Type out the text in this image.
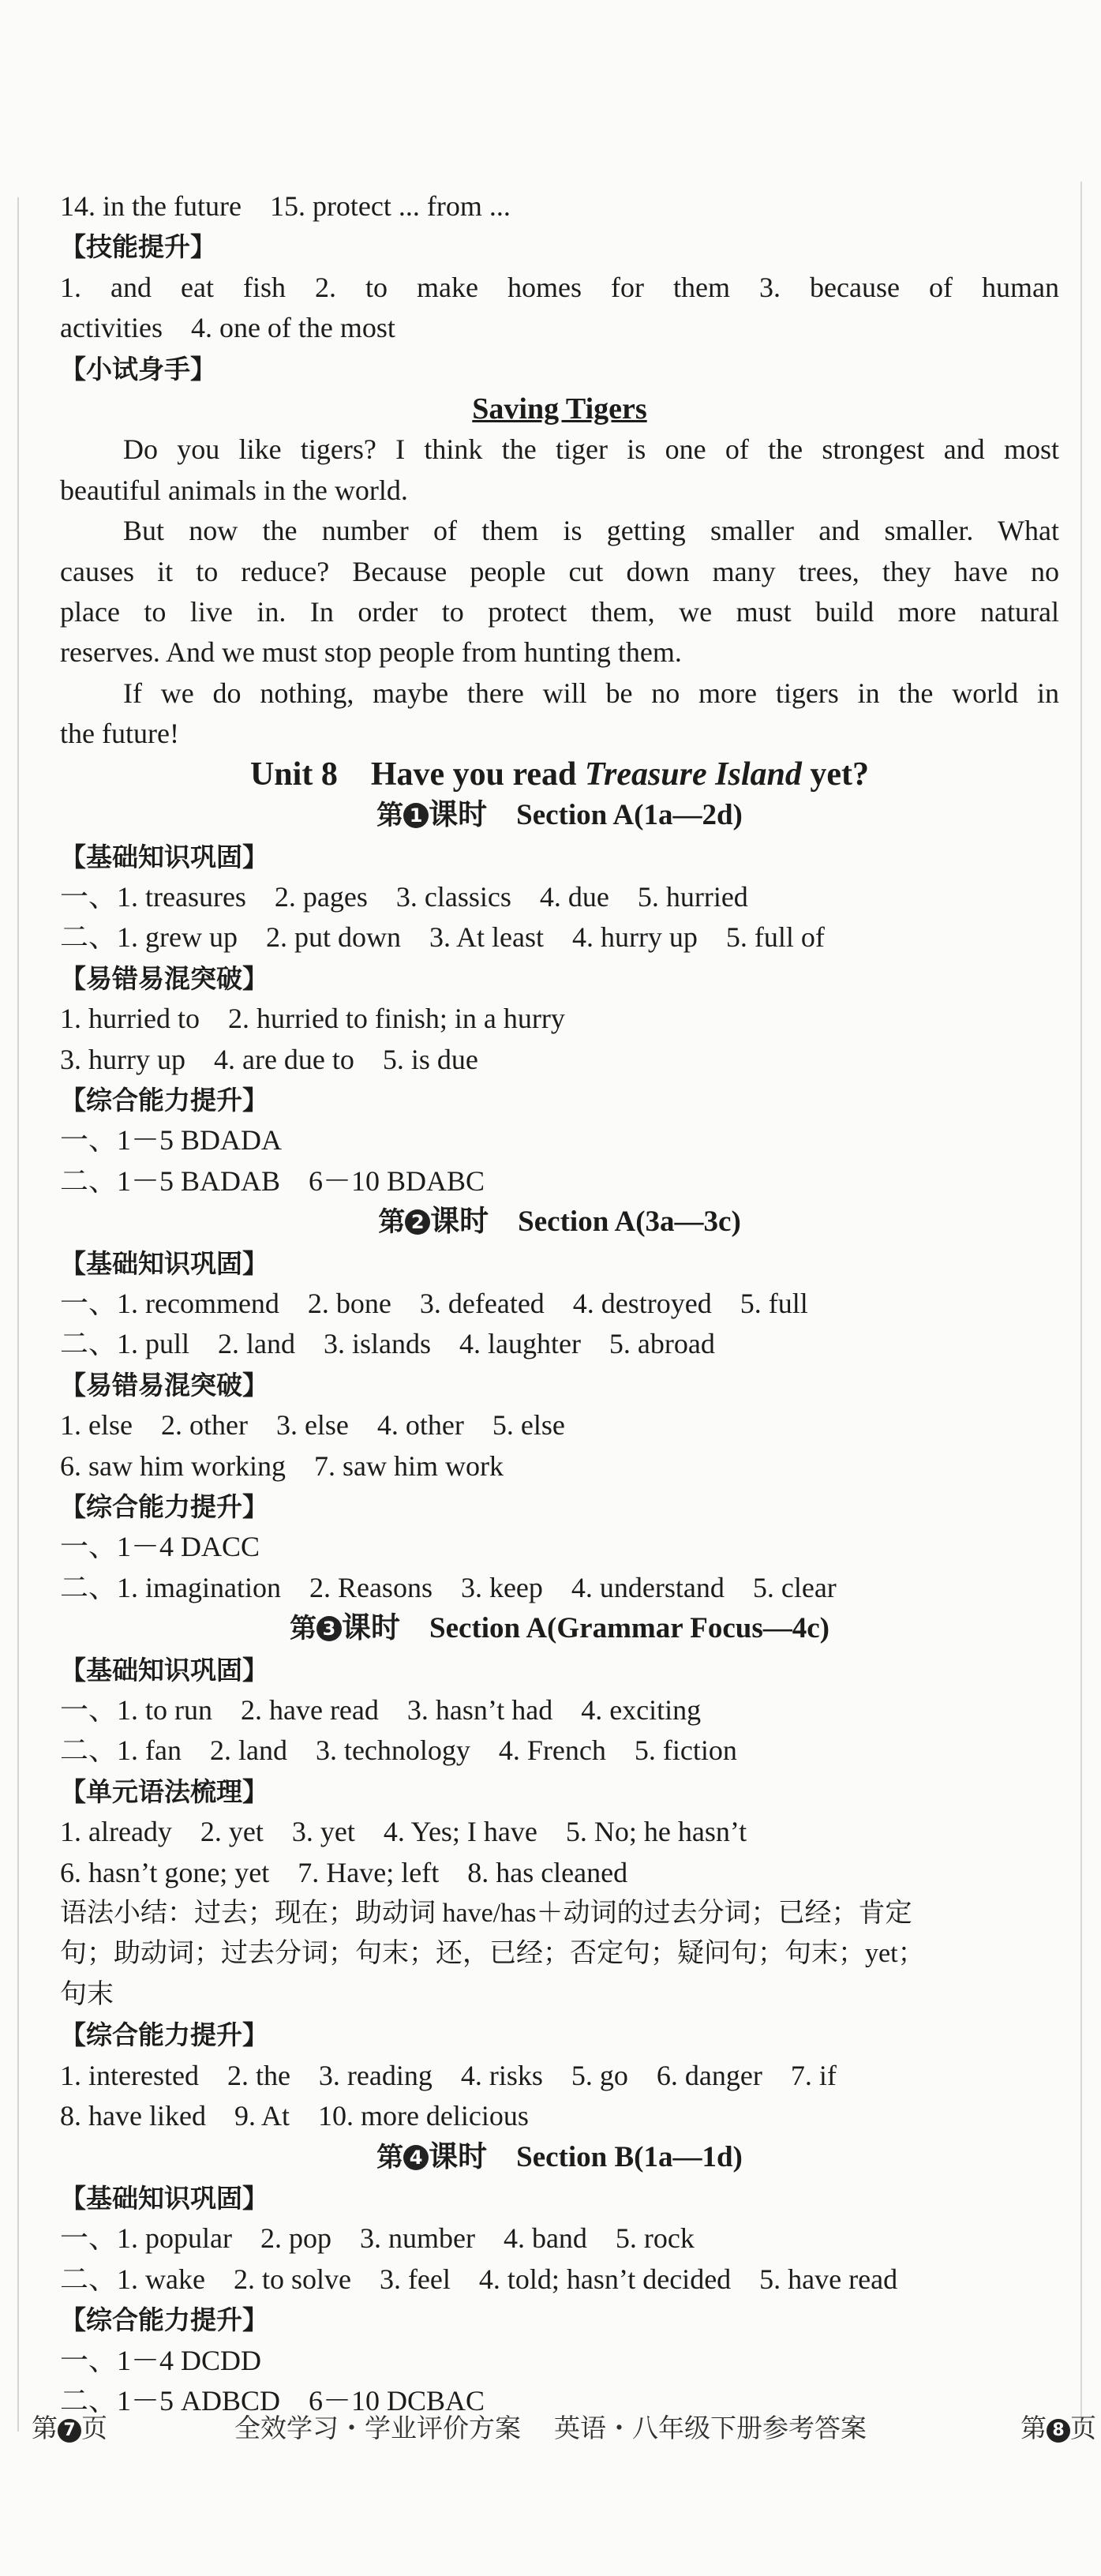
14. in the future    15. protect ... from ...
【技能提升】
1. and eat fish 2. to make homes for them 3. because of human
activities    4. one of the most
【小试身手】
Saving Tigers
Do you like tigers? I think the tiger is one of the strongest and most
beautiful animals in the world.
But now the number of them is getting smaller and smaller. What
causes it to reduce? Because people cut down many trees, they have no
place to live in. In order to protect them, we must build more natural
reserves. And we must stop people from hunting them.
If we do nothing, maybe there will be no more tigers in the world in
the future!
Unit 8    Have you read Treasure Island yet?
第 1 课时    Section A(1a—2d)
【基础知识巩固】
一、1. treasures    2. pages    3. classics    4. due    5. hurried
二、1. grew up    2. put down    3. At least    4. hurry up    5. full of
【易错易混突破】
1. hurried to    2. hurried to finish; in a hurry
3. hurry up    4. are due to    5. is due
【综合能力提升】
一、1－5 BDADA
二、1－5 BADAB    6－10 BDABC
第 2 课时    Section A(3a—3c)
【基础知识巩固】
一、1. recommend    2. bone    3. defeated    4. destroyed    5. full
二、1. pull    2. land    3. islands    4. laughter    5. abroad
【易错易混突破】
1. else    2. other    3. else    4. other    5. else
6. saw him working    7. saw him work
【综合能力提升】
一、1－4 DACC
二、1. imagination    2. Reasons    3. keep    4. understand    5. clear
第 3 课时    Section A(Grammar Focus—4c)
【基础知识巩固】
一、1. to run    2. have read    3. hasn’t had    4. exciting
二、1. fan    2. land    3. technology    4. French    5. fiction
【单元语法梳理】
1. already    2. yet    3. yet    4. Yes; I have    5. No; he hasn’t
6. hasn’t gone; yet    7. Have; left    8. has cleaned
语法小结：过去；现在；助动词 have/has＋动词的过去分词；已经；肯定
句；助动词；过去分词；句末；还，已经；否定句；疑问句；句末；yet；
句末
【综合能力提升】
1. interested    2. the    3. reading    4. risks    5. go    6. danger    7. if
8. have liked    9. At    10. more delicious
第 4 课时    Section B(1a—1d)
【基础知识巩固】
一、1. popular    2. pop    3. number    4. band    5. rock
二、1. wake    2. to solve    3. feel    4. told; hasn’t decided    5. have read
【综合能力提升】
一、1－4 DCDD
二、1－5 ADBCD    6－10 DCBAC
第 7 页	全效学习・学业评价方案    英语・八年级下册参考答案	第 8 页
